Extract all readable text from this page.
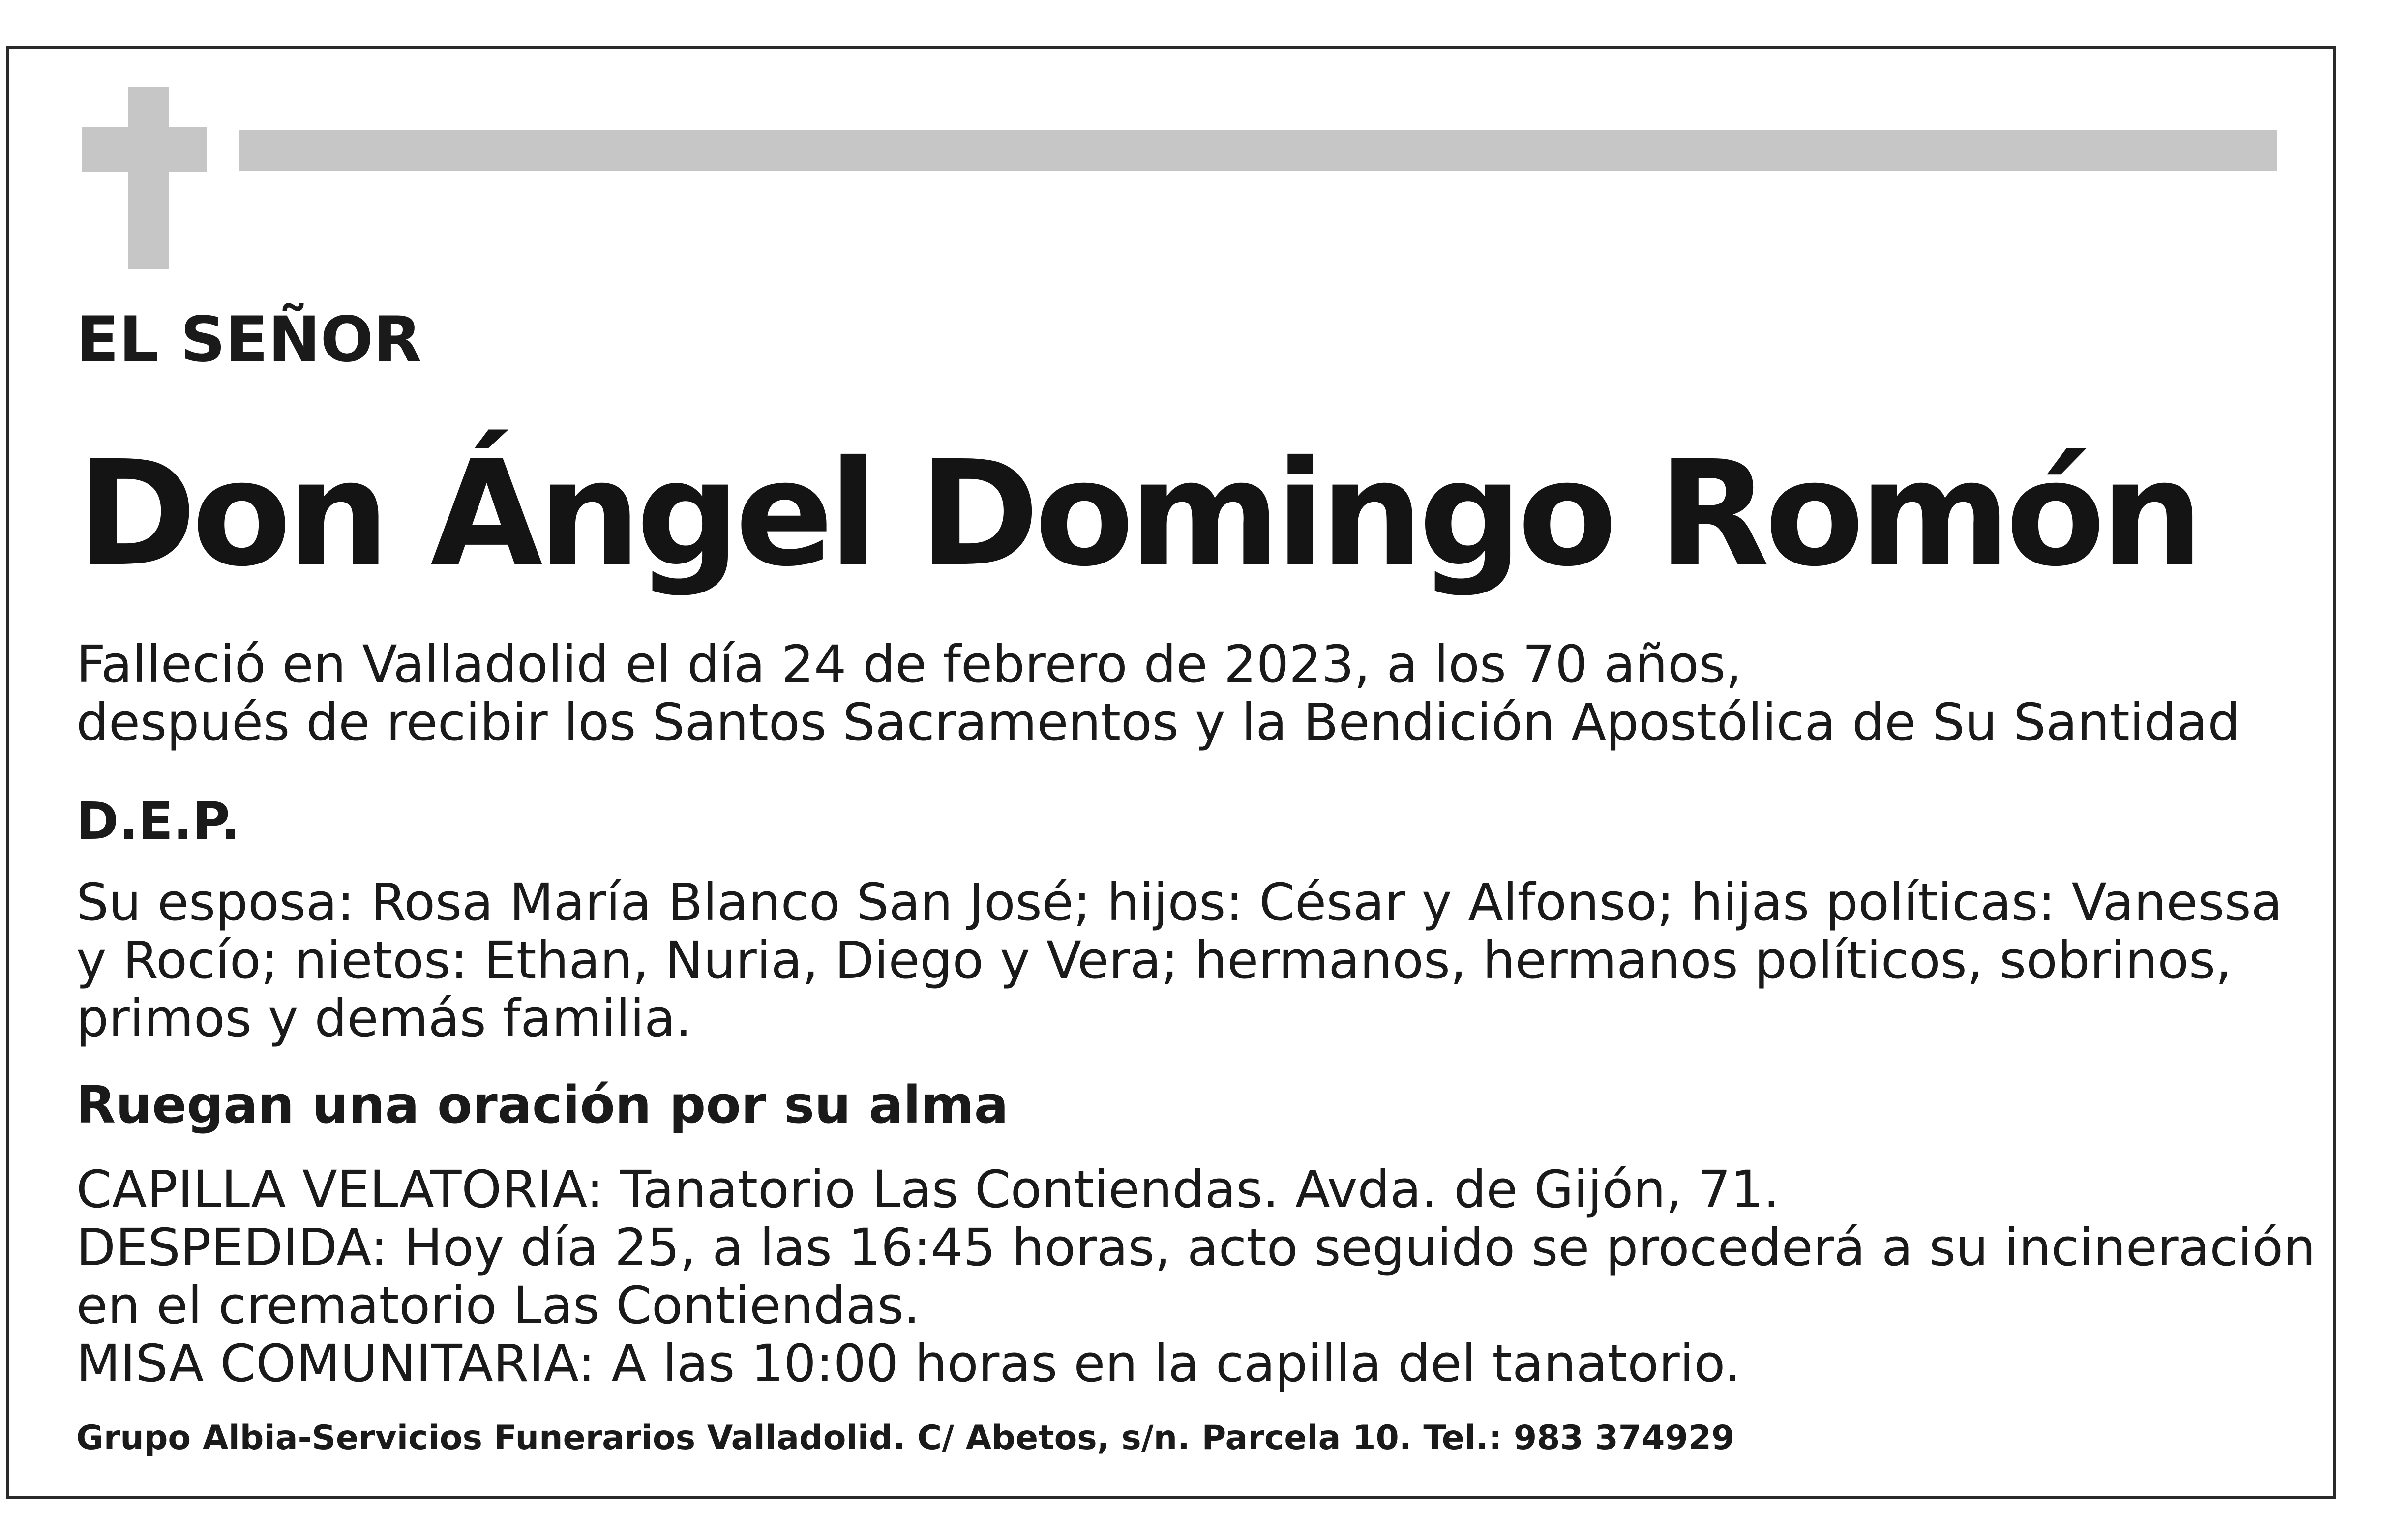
EL SEÑOR
Don Ángel Domingo Romón
Falleció en Valladolid el día 24 de febrero de 2023, a los 70 años,
después de recibir los Santos Sacramentos y la Bendición Apostólica de Su Santidad
D.E.P.
Su esposa: Rosa María Blanco San José; hijos: César y Alfonso; hijas políticas: Vanessa
y Rocío; nietos: Ethan, Nuria, Diego y Vera; hermanos, hermanos políticos, sobrinos,
primos y demás familia.
Ruegan una oración por su alma
CAPILLA VELATORIA: Tanatorio Las Contiendas. Avda. de Gijón, 71.
DESPEDIDA: Hoy día 25, a las 16:45 horas, acto seguido se procederá a su incineración
en el crematorio Las Contiendas.
MISA COMUNITARIA: A las 10:00 horas en la capilla del tanatorio.
Grupo Albia-Servicios Funerarios Valladolid. C/ Abetos, s/n. Parcela 10. Tel.: 983 374929
